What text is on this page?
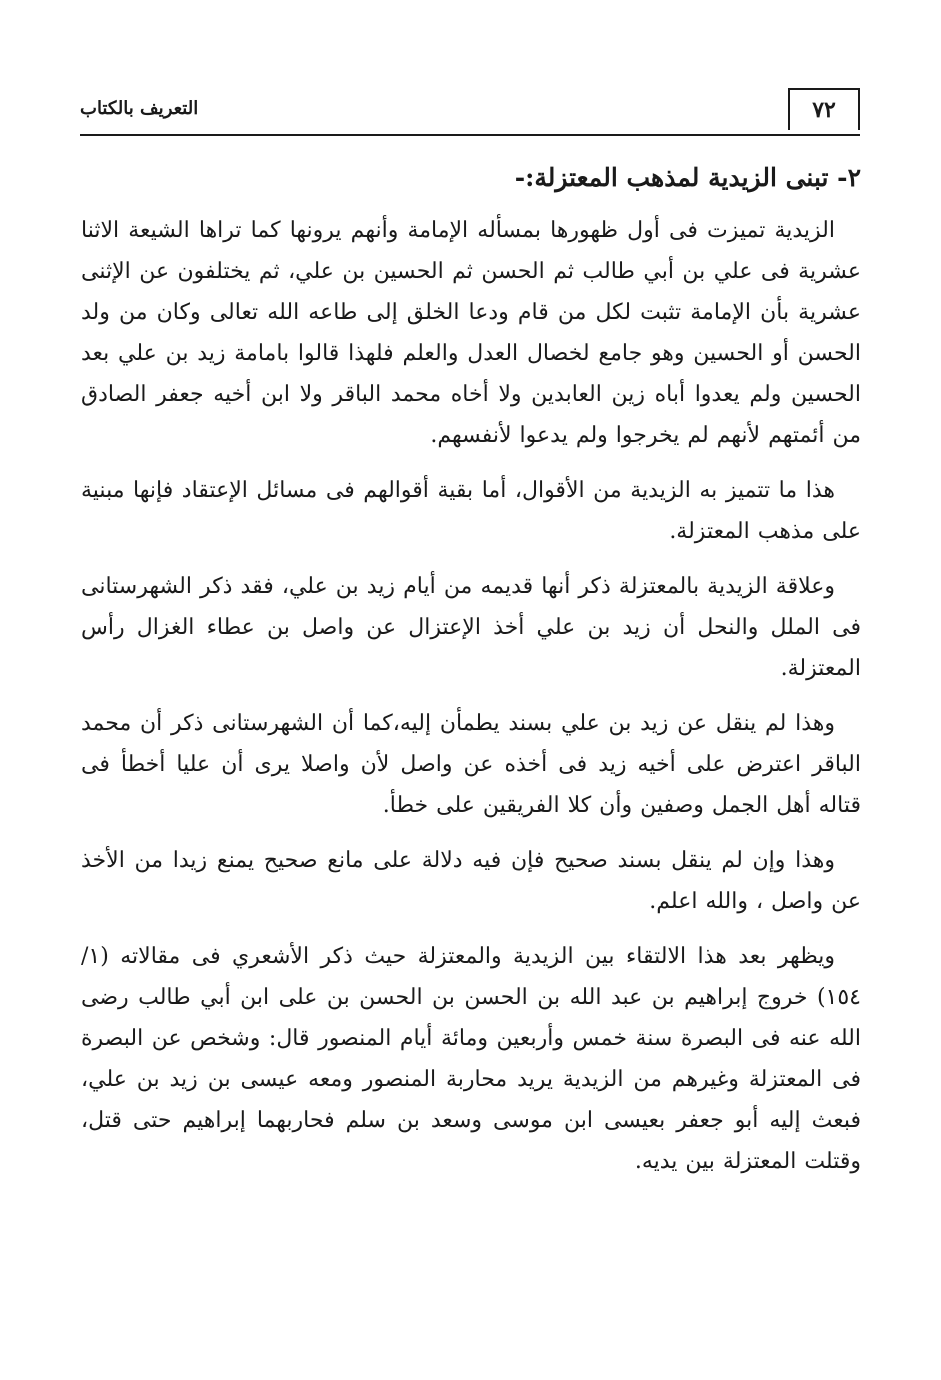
٧٢
التعريف بالكتاب
٢- تبنى الزيدية لمذهب المعتزلة:-

الزيدية تميزت فى أول ظهورها بمسأله الإمامة وأنهم يرونها كما تراها الشيعة الاثنا عشرية فى علي بن أبي طالب ثم الحسن ثم الحسين بن علي، ثم يختلفون عن الإثنى عشرية بأن الإمامة تثبت لكل من قام ودعا الخلق إلى طاعه الله تعالى وكان من ولد الحسن أو الحسين وهو جامع لخصال العدل والعلم فلهذا قالوا بامامة زيد بن علي بعد الحسين ولم يعدوا أباه زين العابدين ولا أخاه محمد الباقر ولا ابن أخيه جعفر الصادق من أئمتهم لأنهم لم يخرجوا ولم يدعوا لأنفسهم.

هذا ما تتميز به الزيدية من الأقوال، أما بقية أقوالهم فى مسائل الإعتقاد فإنها مبنية على مذهب المعتزلة.

وعلاقة الزيدية بالمعتزلة ذكر أنها قديمه من أيام زيد بن علي، فقد ذكر الشهرستانى فى الملل والنحل أن زيد بن علي أخذ الإعتزال عن واصل بن عطاء الغزال رأس المعتزلة.

وهذا لم ينقل عن زيد بن علي بسند يطمأن إليه،كما أن الشهرستانى ذكر أن محمد الباقر اعترض على أخيه زيد فى أخذه عن واصل لأن واصلا يرى أن عليا أخطأ فى قتاله أهل الجمل وصفين وأن كلا الفريقين على خطأ.

وهذا وإن لم ينقل بسند صحيح فإن فيه دلالة على مانع صحيح يمنع زيدا من الأخذ عن واصل ، والله اعلم.

ويظهر بعد هذا الالتقاء بين الزيدية والمعتزلة حيث ذكر الأشعري فى مقالاته (١/ ١٥٤) خروج إبراهيم بن عبد الله بن الحسن بن الحسن بن على ابن أبي طالب رضى الله عنه فى البصرة سنة خمس وأربعين ومائة أيام المنصور قال: وشخص عن البصرة فى المعتزلة وغيرهم من الزيدية يريد محاربة المنصور ومعه عيسى بن زيد بن علي، فبعث إليه أبو جعفر بعيسى ابن موسى وسعد بن سلم فحاربهما إبراهيم حتى قتل، وقتلت المعتزلة بين يديه.
